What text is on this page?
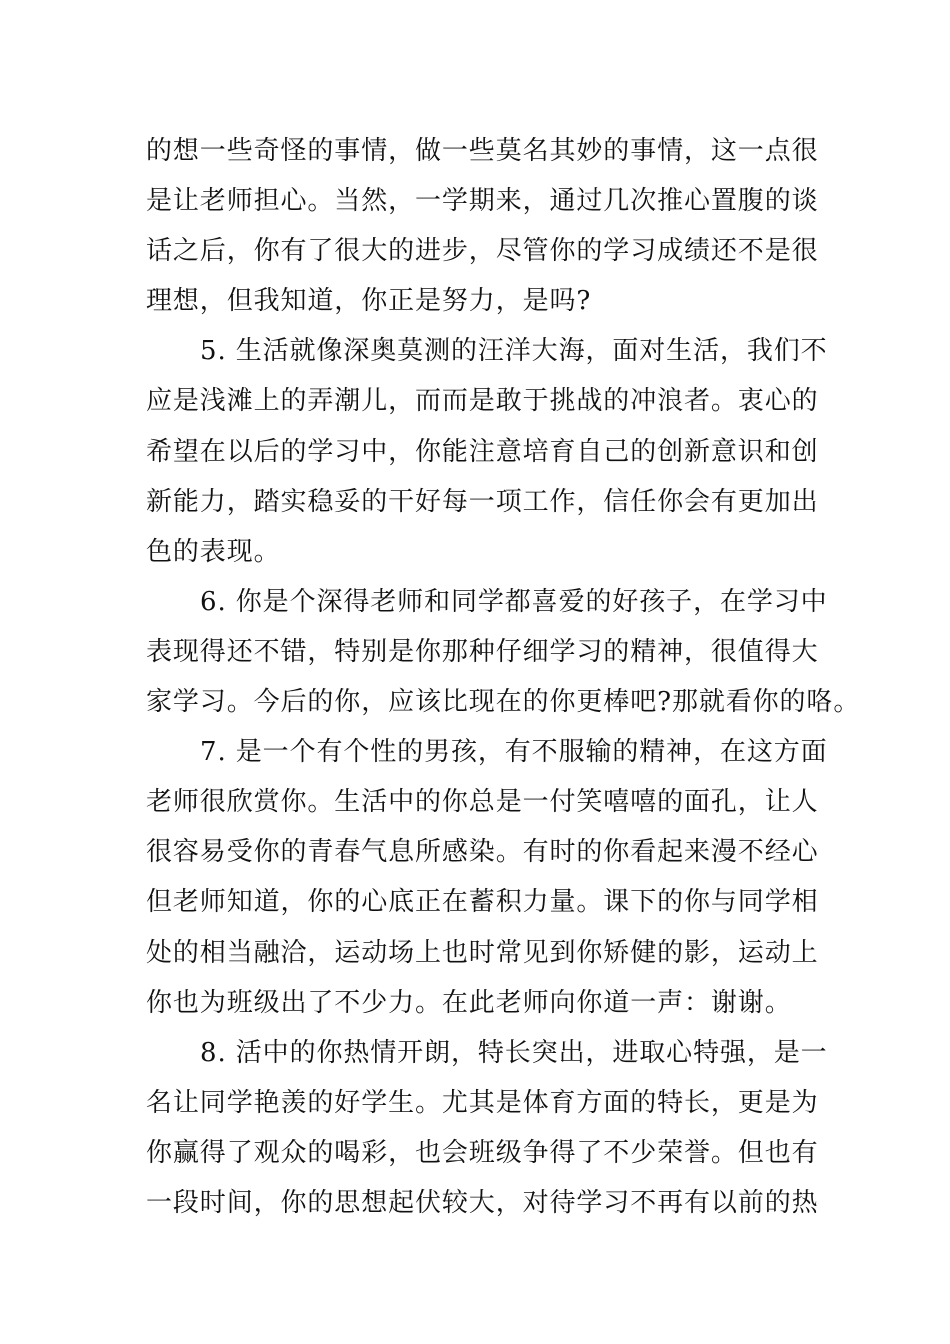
的想一些奇怪的事情，做一些莫名其妙的事情，这一点很
是让老师担心。当然，一学期来，通过几次推心置腹的谈
话之后，你有了很大的进步，尽管你的学习成绩还不是很
理想，但我知道，你正是努力，是吗?
5. 生活就像深奥莫测的汪洋大海，面对生活，我们不
应是浅滩上的弄潮儿，而而是敢于挑战的冲浪者。衷心的
希望在以后的学习中，你能注意培育自己的创新意识和创
新能力，踏实稳妥的干好每一项工作，信任你会有更加出
色的表现。
6. 你是个深得老师和同学都喜爱的好孩子，在学习中
表现得还不错，特别是你那种仔细学习的精神，很值得大
家学习。今后的你，应该比现在的你更棒吧?那就看你的咯。
7. 是一个有个性的男孩，有不服输的精神，在这方面
老师很欣赏你。生活中的你总是一付笑嘻嘻的面孔，让人
很容易受你的青春气息所感染。有时的你看起来漫不经心
但老师知道，你的心底正在蓄积力量。课下的你与同学相
处的相当融洽，运动场上也时常见到你矫健的影，运动上
你也为班级出了不少力。在此老师向你道一声：谢谢。
8. 活中的你热情开朗，特长突出，进取心特强，是一
名让同学艳羡的好学生。尤其是体育方面的特长，更是为
你赢得了观众的喝彩，也会班级争得了不少荣誉。但也有
一段时间，你的思想起伏较大，对待学习不再有以前的热
